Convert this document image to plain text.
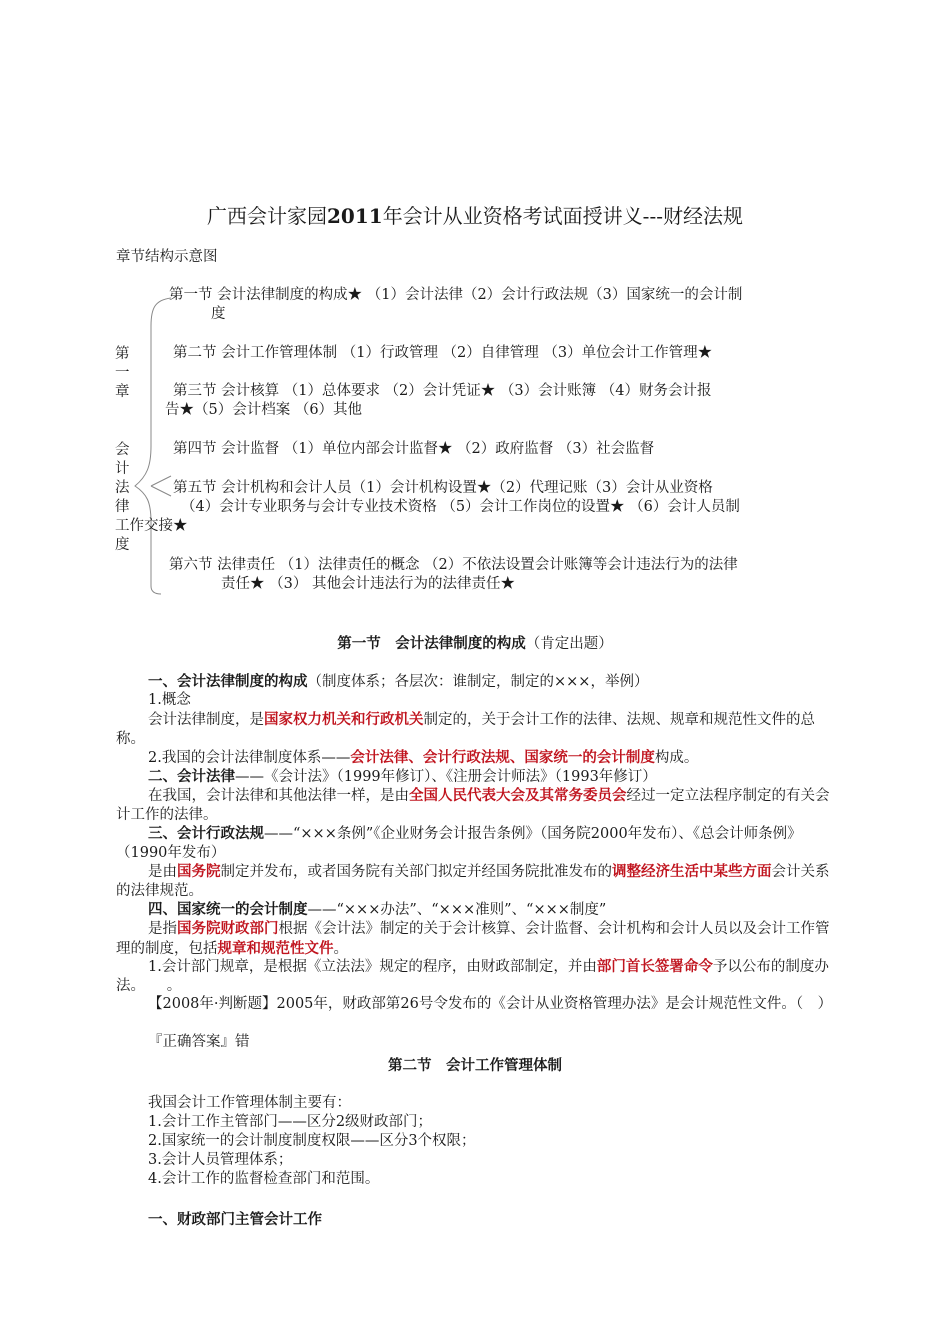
广西会计家园2011年会计从业资格考试面授讲义---财经法规
章节结构示意图
第
一
章
会
计
法
律
工作交接★
度
第一节 会计法律制度的构成★ （1）会计法律（2）会计行政法规（3）国家统一的会计制
度
第二节 会计工作管理体制 （1）行政管理 （2）自律管理 （3）单位会计工作管理★
第三节 会计核算 （1）总体要求 （2）会计凭证★ （3）会计账簿 （4）财务会计报
告★（5）会计档案 （6）其他
第四节 会计监督 （1）单位内部会计监督★ （2）政府监督 （3）社会监督
第五节 会计机构和会计人员（1）会计机构设置★（2）代理记账（3）会计从业资格
（4）会计专业职务与会计专业技术资格 （5）会计工作岗位的设置★ （6）会计人员制
第六节 法律责任 （1）法律责任的概念 （2）不依法设置会计账簿等会计违法行为的法律
责任★ （3） 其他会计违法行为的法律责任★
第一节　会计法律制度的构成（肯定出题）
一、会计法律制度的构成（制度体系；各层次：谁制定，制定的×××，举例）
1.概念
会计法律制度，是国家权力机关和行政机关制定的，关于会计工作的法律、法规、规章和规范性文件的总称。
2.我国的会计法律制度体系——会计法律、会计行政法规、国家统一的会计制度构成。
二、会计法律——《会计法》（1999年修订）、《注册会计师法》（1993年修订）
在我国，会计法律和其他法律一样，是由全国人民代表大会及其常务委员会经过一定立法程序制定的有关会计工作的法律。
三、会计行政法规——“×××条例”《企业财务会计报告条例》（国务院2000年发布）、《总会计师条例》（1990年发布）
是由国务院制定并发布，或者国务院有关部门拟定并经国务院批准发布的调整经济生活中某些方面会计关系的法律规范。
四、国家统一的会计制度——“×××办法”、“×××准则”、“×××制度”
是指国务院财政部门根据《会计法》制定的关于会计核算、会计监督、会计机构和会计人员以及会计工作管理的制度，包括规章和规范性文件。
1.会计部门规章，是根据《立法法》规定的程序，由财政部制定，并由部门首长签署命令予以公布的制度办法。　　。
【2008年·判断题】2005年，财政部第26号令发布的《会计从业资格管理办法》是会计规范性文件。（　）
『正确答案』错
第二节　会计工作管理体制
我国会计工作管理体制主要有：
1.会计工作主管部门——区分2级财政部门；
2.国家统一的会计制度制度权限——区分3个权限；
3.会计人员管理体系；
4.会计工作的监督检查部门和范围。
一、财政部门主管会计工作
